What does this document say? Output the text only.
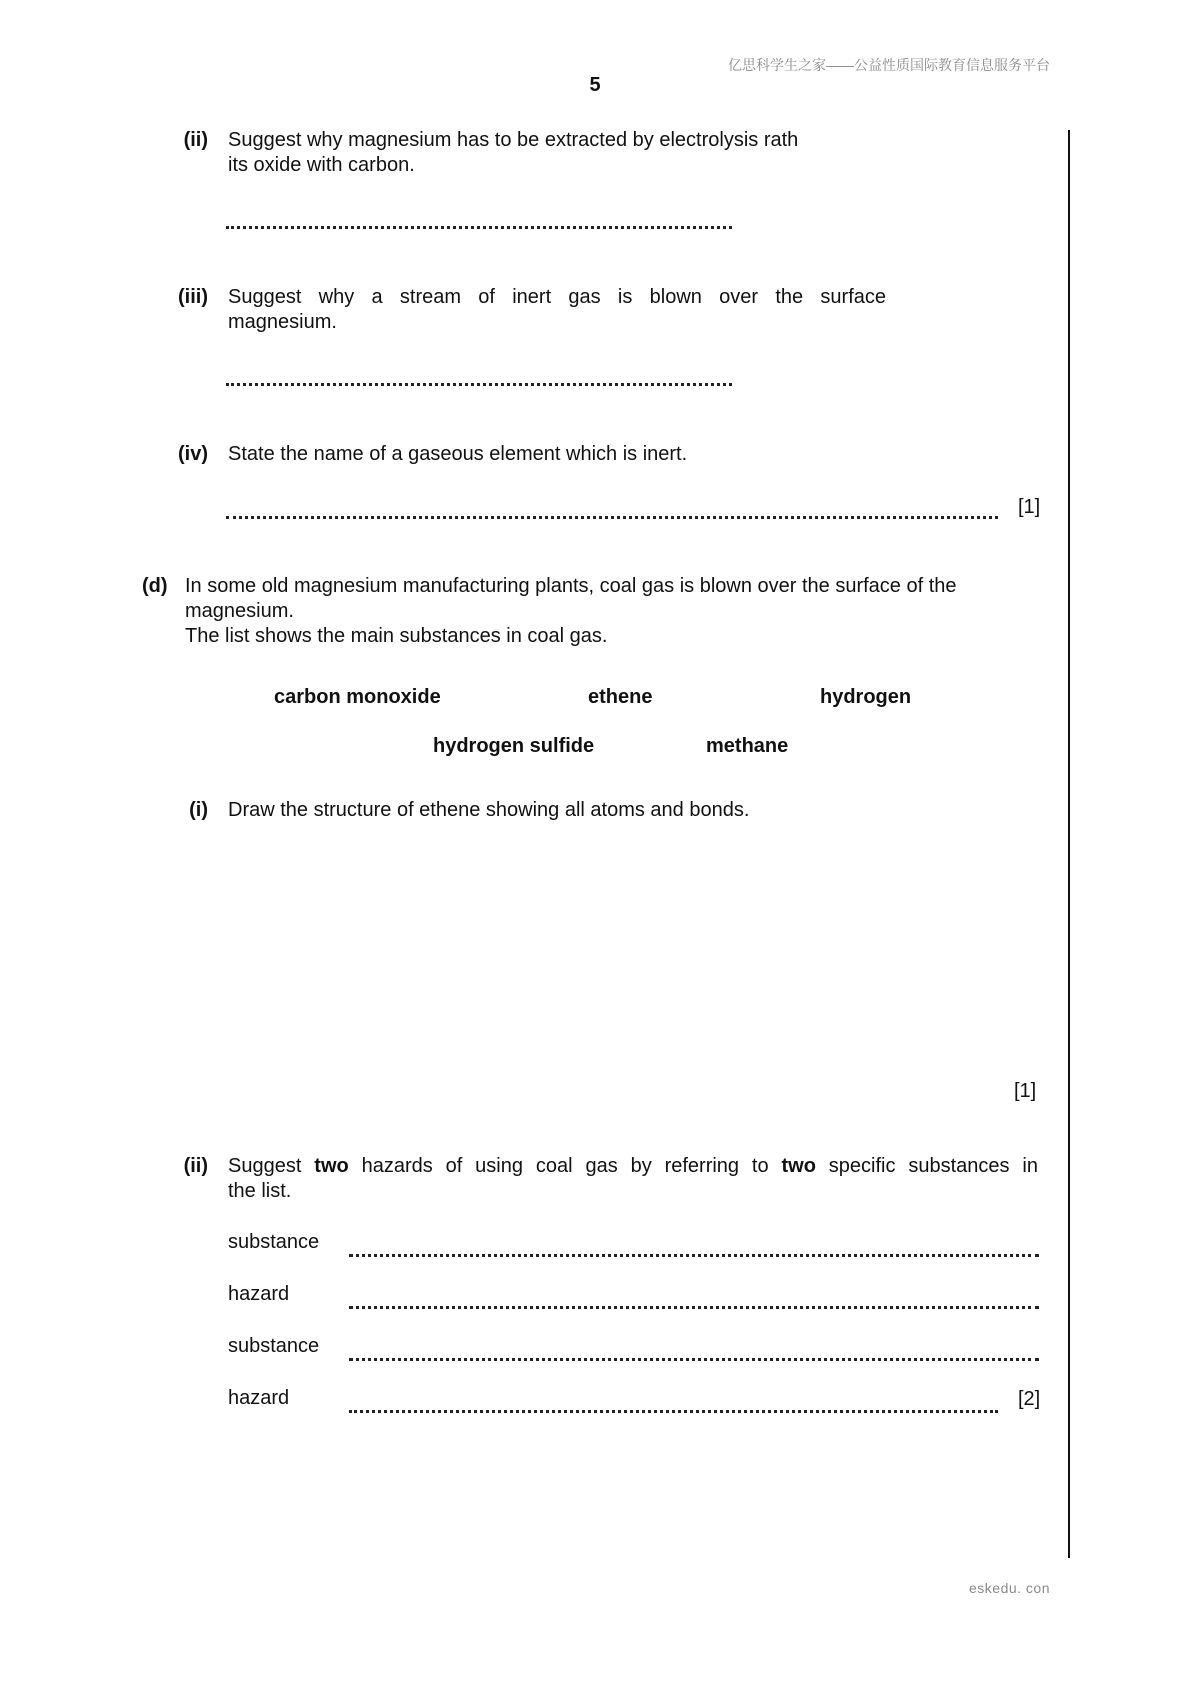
亿思科学生之家——公益性质国际教育信息服务平台
5
(ii) Suggest why magnesium has to be extracted by electrolysis rath
its oxide with carbon.
(iii) Suggest why a stream of inert gas is blown over the surface
magnesium.
(iv) State the name of a gaseous element which is inert.
[1]
(d) In some old magnesium manufacturing plants, coal gas is blown over the surface of the
magnesium.
The list shows the main substances in coal gas.
carbon monoxide	ethene	hydrogen
hydrogen sulfide	methane
(i) Draw the structure of ethene showing all atoms and bonds.
[1]
(ii) Suggest two hazards of using coal gas by referring to two specific substances in
the list.
substance
hazard
substance
hazard	[2]
eskedu. con
